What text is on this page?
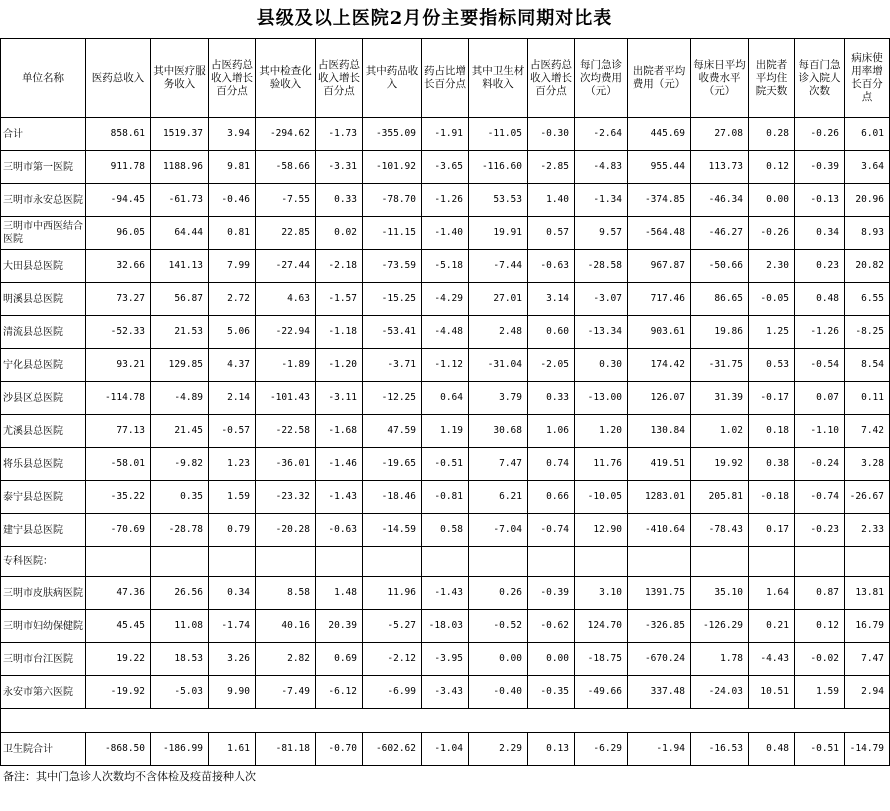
县级及以上医院2月份主要指标同期对比表
单位名称	医药总收入	其中医疗服务收入	占医药总收入增长百分点	其中检查化验收入	占医药总收入增长百分点	其中药品收入	药占比增长百分点	其中卫生材料收入	占医药总收入增长百分点	每门急诊次均费用（元）	出院者平均费用（元）	每床日平均收费水平（元）	出院者平均住院天数	每百门急诊入院人次数	病床使用率增长百分点
合计	858.61	1519.37	3.94	-294.62	-1.73	-355.09	-1.91	-11.05	-0.30	-2.64	445.69	27.08	0.28	-0.26	6.01
三明市第一医院	911.78	1188.96	9.81	-58.66	-3.31	-101.92	-3.65	-116.60	-2.85	-4.83	955.44	113.73	0.12	-0.39	3.64
三明市永安总医院	-94.45	-61.73	-0.46	-7.55	0.33	-78.70	-1.26	53.53	1.40	-1.34	-374.85	-46.34	0.00	-0.13	20.96
三明市中西医结合医院	96.05	64.44	0.81	22.85	0.02	-11.15	-1.40	19.91	0.57	9.57	-564.48	-46.27	-0.26	0.34	8.93
大田县总医院	32.66	141.13	7.99	-27.44	-2.18	-73.59	-5.18	-7.44	-0.63	-28.58	967.87	-50.66	2.30	0.23	20.82
明溪县总医院	73.27	56.87	2.72	4.63	-1.57	-15.25	-4.29	27.01	3.14	-3.07	717.46	86.65	-0.05	0.48	6.55
清流县总医院	-52.33	21.53	5.06	-22.94	-1.18	-53.41	-4.48	2.48	0.60	-13.34	903.61	19.86	1.25	-1.26	-8.25
宁化县总医院	93.21	129.85	4.37	-1.89	-1.20	-3.71	-1.12	-31.04	-2.05	0.30	174.42	-31.75	0.53	-0.54	8.54
沙县区总医院	-114.78	-4.89	2.14	-101.43	-3.11	-12.25	0.64	3.79	0.33	-13.00	126.07	31.39	-0.17	0.07	0.11
尤溪县总医院	77.13	21.45	-0.57	-22.58	-1.68	47.59	1.19	30.68	1.06	1.20	130.84	1.02	0.18	-1.10	7.42
将乐县总医院	-58.01	-9.82	1.23	-36.01	-1.46	-19.65	-0.51	7.47	0.74	11.76	419.51	19.92	0.38	-0.24	3.28
泰宁县总医院	-35.22	0.35	1.59	-23.32	-1.43	-18.46	-0.81	6.21	0.66	-10.05	1283.01	205.81	-0.18	-0.74	-26.67
建宁县总医院	-70.69	-28.78	0.79	-20.28	-0.63	-14.59	0.58	-7.04	-0.74	12.90	-410.64	-78.43	0.17	-0.23	2.33
专科医院：															
三明市皮肤病医院	47.36	26.56	0.34	8.58	1.48	11.96	-1.43	0.26	-0.39	3.10	1391.75	35.10	1.64	0.87	13.81
三明市妇幼保健院	45.45	11.08	-1.74	40.16	20.39	-5.27	-18.03	-0.52	-0.62	124.70	-326.85	-126.29	0.21	0.12	16.79
三明市台江医院	19.22	18.53	3.26	2.82	0.69	-2.12	-3.95	0.00	0.00	-18.75	-670.24	1.78	-4.43	-0.02	7.47
永安市第六医院	-19.92	-5.03	9.90	-7.49	-6.12	-6.99	-3.43	-0.40	-0.35	-49.66	337.48	-24.03	10.51	1.59	2.94

卫生院合计	-868.50	-186.99	1.61	-81.18	-0.70	-602.62	-1.04	2.29	0.13	-6.29	-1.94	-16.53	0.48	-0.51	-14.79
备注：其中门急诊人次数均不含体检及疫苗接种人次
